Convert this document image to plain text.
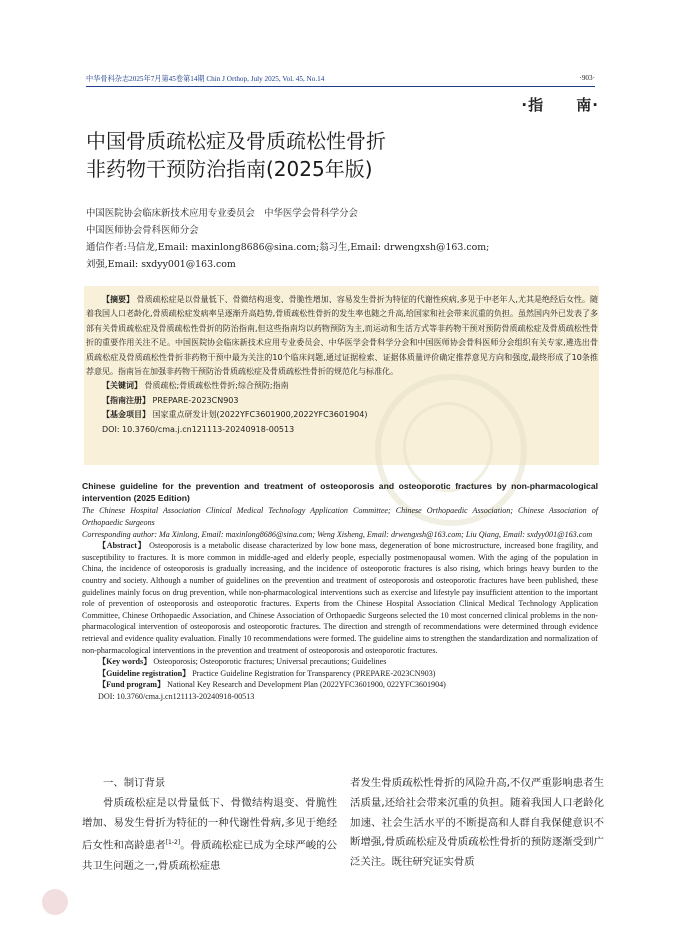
中华骨科杂志2025年7月第45卷第14期 Chin J Orthop, July 2025, Vol. 45, No.14	·903·
·指 南·
中国骨质疏松症及骨质疏松性骨折
非药物干预防治指南(2025年版)
中国医院协会临床新技术应用专业委员会　中华医学会骨科学分会
中国医师协会骨科医师分会
通信作者:马信龙,Email: maxinlong8686@sina.com;翁习生,Email: drwengxsh@163.com;
刘强,Email: sxdyy001@163.com

【摘要】 骨质疏松症是以骨量低下、骨微结构退变、骨脆性增加、容易发生骨折为特征的代谢性疾病,多见于中老年人,尤其是绝经后女性。随着我国人口老龄化,骨质疏松症发病率呈逐渐升高趋势,骨质疏松性骨折的发生率也随之升高,给国家和社会带来沉重的负担。虽然国内外已发表了多部有关骨质疏松症及骨质疏松性骨折的防治指南,但这些指南均以药物预防为主,而运动和生活方式等非药物干预对预防骨质疏松症及骨质疏松性骨折的重要作用关注不足。中国医院协会临床新技术应用专业委员会、中华医学会骨科学分会和中国医师协会骨科医师分会组织有关专家,遴选出骨质疏松症及骨质疏松性骨折非药物干预中最为关注的10个临床问题,通过证据检索、证据体质量评价确定推荐意见方向和强度,最终形成了10条推荐意见。指南旨在加强非药物干预防治骨质疏松症及骨质疏松性骨折的规范化与标准化。

【关键词】 骨质疏松;骨质疏松性骨折;综合预防;指南
【指南注册】 PREPARE-2023CN903
【基金项目】 国家重点研发计划(2022YFC3601900,2022YFC3601904)
DOI: 10.3760/cma.j.cn121113-20240918-00513

Chinese guideline for the prevention and treatment of osteoporosis and osteoporotic fractures by non-pharmacological intervention (2025 Edition)

The Chinese Hospital Association Clinical Medical Technology Application Committee; Chinese Orthopaedic Association; Chinese Association of Orthopaedic Surgeons

Corresponding author: Ma Xinlong, Email: maxinlong8686@sina.com; Weng Xisheng, Email: drwengxsh@163.com; Liu Qiang, Email: sxdyy001@163.com

【Abstract】 Osteoporosis is a metabolic disease characterized by low bone mass, degeneration of bone microstructure, increased bone fragility, and susceptibility to fractures. It is more common in middle-aged and elderly people, especially postmenopausal women. With the aging of the population in China, the incidence of osteoporosis is gradually increasing, and the incidence of osteoporotic fractures is also rising, which brings heavy burden to the country and society. Although a number of guidelines on the prevention and treatment of osteoporosis and osteoporotic fractures have been published, these guidelines mainly focus on drug prevention, while non-pharmacological interventions such as exercise and lifestyle pay insufficient attention to the important role of prevention of osteoporosis and osteoporotic fractures. Experts from the Chinese Hospital Association Clinical Medical Technology Application Committee, Chinese Orthopaedic Association, and Chinese Association of Orthopaedic Surgeons selected the 10 most concerned clinical problems in the non-pharmacological intervention of osteoporosis and osteoporotic fractures. The direction and strength of recommendations were determined through evidence retrieval and evidence quality evaluation. Finally 10 recommendations were formed. The guideline aims to strengthen the standardization and normalization of non-pharmacological interventions in the prevention and treatment of osteoporosis and osteoporotic fractures.

【Key words】 Osteoporosis; Osteoporotic fractures; Universal precautions; Guidelines
【Guideline registration】 Practice Guideline Registration for Transparency (PREPARE-2023CN903)
【Fund program】 National Key Research and Development Plan (2022YFC3601900, 022YFC3601904)
DOI: 10.3760/cma.j.cn121113-20240918-00513

一、制订背景

骨质疏松症是以骨量低下、骨微结构退变、骨脆性增加、易发生骨折为特征的一种代谢性骨病,多见于绝经后女性和高龄患者[1-2]。骨质疏松症已成为全球严峻的公共卫生问题之一,骨质疏松症患

者发生骨质疏松性骨折的风险升高,不仅严重影响患者生活质量,还给社会带来沉重的负担。随着我国人口老龄化加速、社会生活水平的不断提高和人群自我保健意识不断增强,骨质疏松症及骨质疏松性骨折的预防逐渐受到广泛关注。既往研究证实骨质
